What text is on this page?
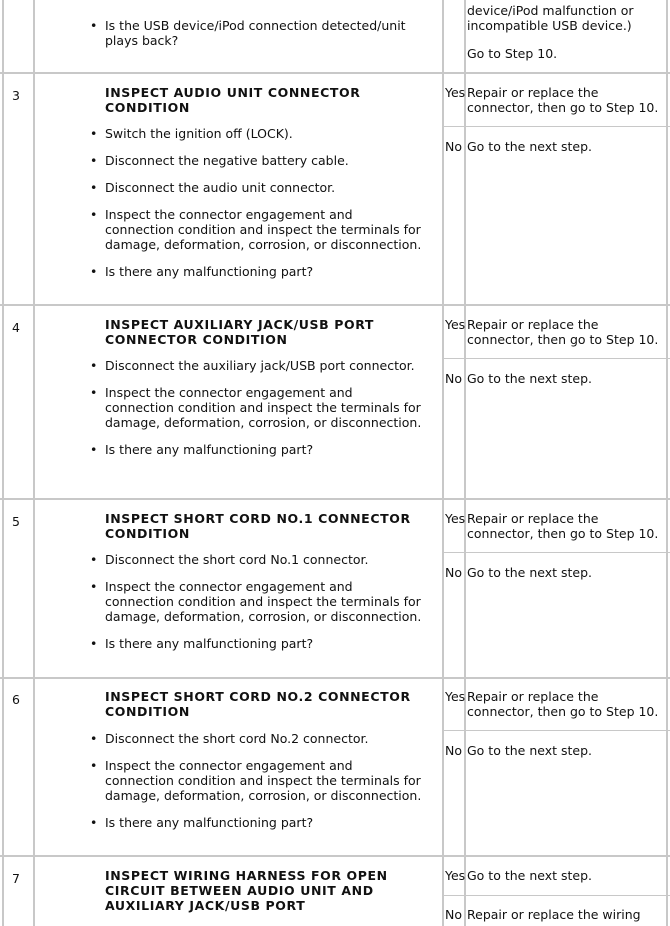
• Is the USB device/iPod connection detected/unit plays back?
device/iPod malfunction or incompatible USB device.)
Go to Step 10.
3	INSPECT AUDIO UNIT CONNECTOR CONDITION
• Switch the ignition off (LOCK).
• Disconnect the negative battery cable.
• Disconnect the audio unit connector.
• Inspect the connector engagement and connection condition and inspect the terminals for damage, deformation, corrosion, or disconnection.
• Is there any malfunctioning part?
Yes Repair or replace the connector, then go to Step 10.
No Go to the next step.
4	INSPECT AUXILIARY JACK/USB PORT CONNECTOR CONDITION
• Disconnect the auxiliary jack/USB port connector.
• Inspect the connector engagement and connection condition and inspect the terminals for damage, deformation, corrosion, or disconnection.
• Is there any malfunctioning part?
Yes Repair or replace the connector, then go to Step 10.
No Go to the next step.
5	INSPECT SHORT CORD NO.1 CONNECTOR CONDITION
• Disconnect the short cord No.1 connector.
• Inspect the connector engagement and connection condition and inspect the terminals for damage, deformation, corrosion, or disconnection.
• Is there any malfunctioning part?
Yes Repair or replace the connector, then go to Step 10.
No Go to the next step.
6	INSPECT SHORT CORD NO.2 CONNECTOR CONDITION
• Disconnect the short cord No.2 connector.
• Inspect the connector engagement and connection condition and inspect the terminals for damage, deformation, corrosion, or disconnection.
• Is there any malfunctioning part?
Yes Repair or replace the connector, then go to Step 10.
No Go to the next step.
7	INSPECT WIRING HARNESS FOR OPEN CIRCUIT BETWEEN AUDIO UNIT AND AUXILIARY JACK/USB PORT
Yes Go to the next step.
No Repair or replace the wiring
